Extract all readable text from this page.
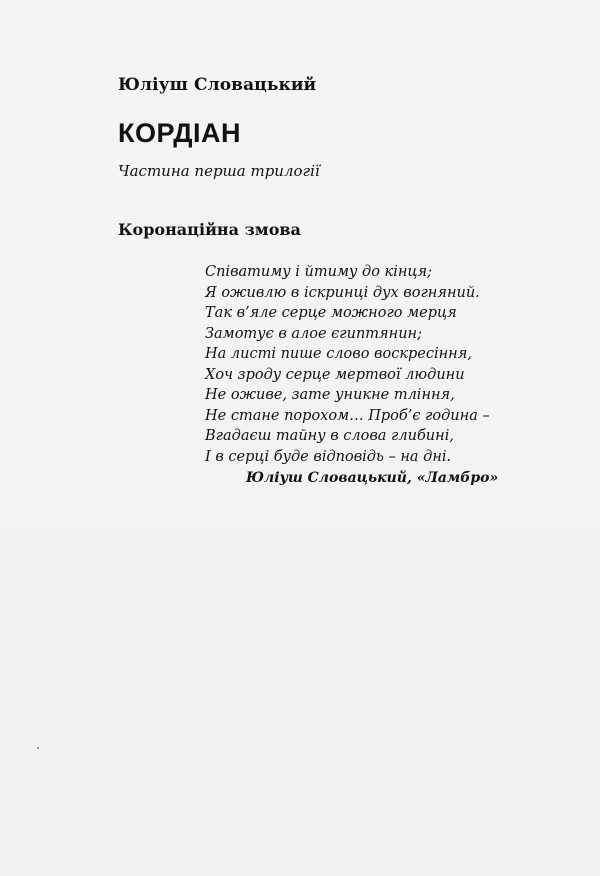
Юліуш Словацький
КОРДІАН
Частина перша трилогії
Коронаційна змова
Співатиму і йтиму до кінця;
Я оживлю в іскринці дух вогняний.
Так в’яле серце можного мерця
Замотує в алое єгиптянин;
На листі пише слово воскресіння,
Хоч зроду серце мертвої людини
Не оживе, зате уникне тління,
Не стане порохом… Проб’є година –
Вгадаєш тайну в слова глибині,
І в серці буде відповідь – на дні.
Юліуш Словацький, «Ламбро»
